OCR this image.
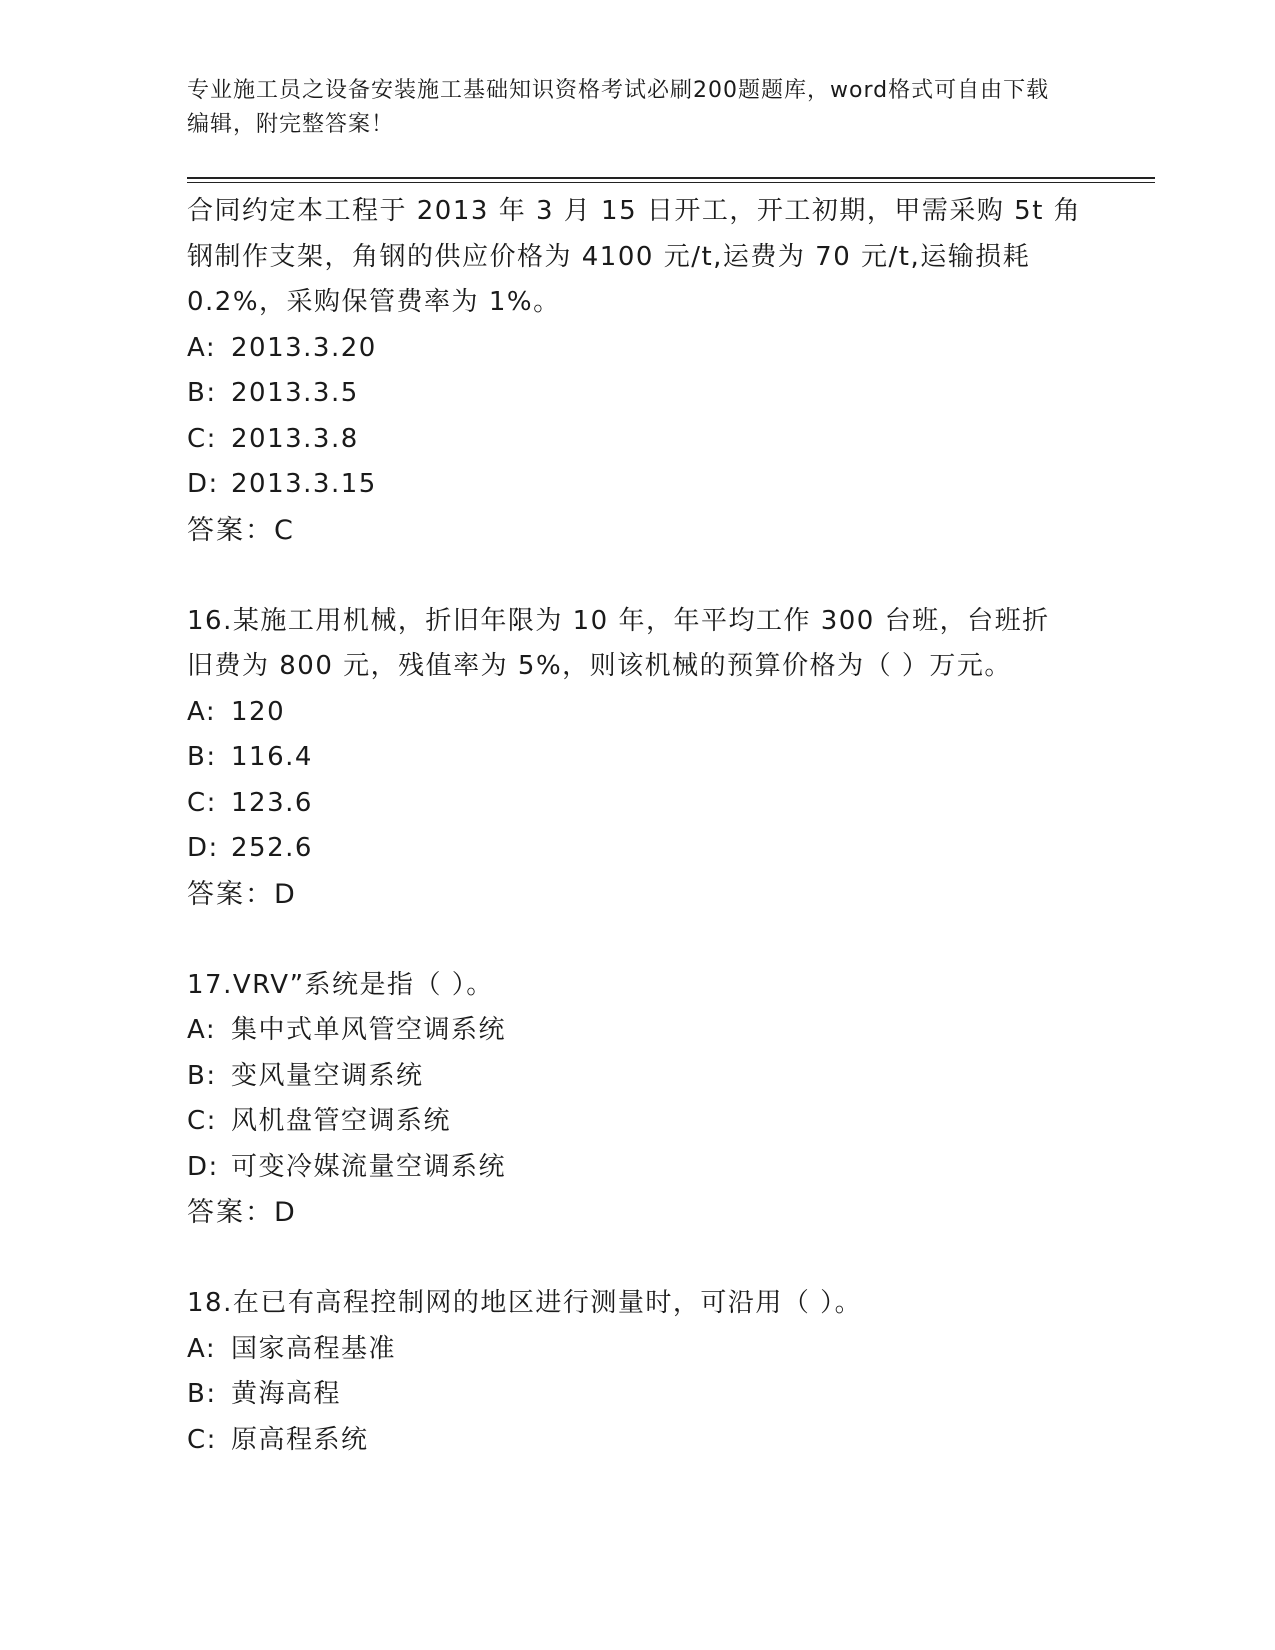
专业施工员之设备安装施工基础知识资格考试必刷200题题库，word格式可自由下载编辑，附完整答案！
合同约定本工程于 2013 年 3 月 15 日开工，开工初期，甲需采购 5t 角
钢制作支架，角钢的供应价格为 4100 元/t,运费为 70 元/t,运输损耗
0.2%，采购保管费率为 1%。
A: 2013.3.20
B: 2013.3.5
C: 2013.3.8
D: 2013.3.15
答案：C
16.某施工用机械，折旧年限为 10 年，年平均工作 300 台班，台班折
旧费为 800 元，残值率为 5%，则该机械的预算价格为（ ）万元。
A: 120
B: 116.4
C: 123.6
D: 252.6
答案：D
17.VRV”系统是指（ ）。
A: 集中式单风管空调系统
B: 变风量空调系统
C: 风机盘管空调系统
D: 可变冷媒流量空调系统
答案：D
18.在已有高程控制网的地区进行测量时，可沿用（ ）。
A: 国家高程基准
B: 黄海高程
C: 原高程系统
